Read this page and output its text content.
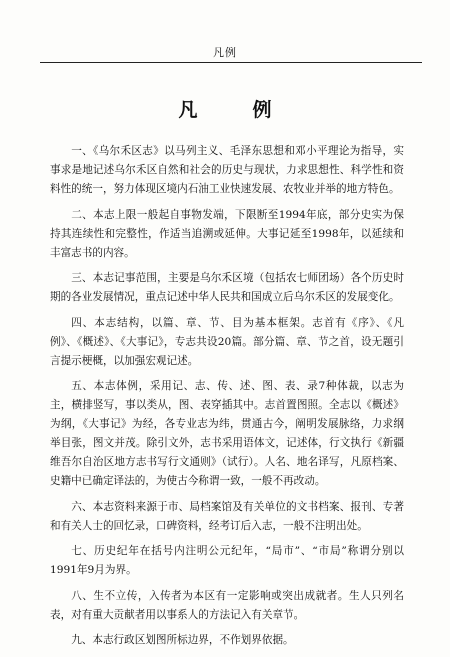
凡例
凡　例

一、《乌尔禾区志》以马列主义、毛泽东思想和邓小平理论为指导，实事求是地记述乌尔禾区自然和社会的历史与现状，力求思想性、科学性和资料性的统一，努力体现区境内石油工业快速发展、农牧业并举的地方特色。

二、本志上限一般起自事物发端，下限断至1994年底，部分史实为保持其连续性和完整性，作适当追溯或延伸。大事记延至1998年，以延续和丰富志书的内容。

三、本志记事范围，主要是乌尔禾区境（包括农七师团场）各个历史时期的各业发展情况，重点记述中华人民共和国成立后乌尔禾区的发展变化。

四、本志结构，以篇、章、节、目为基本框架。志首有《序》、《凡例》、《概述》、《大事记》，专志共设20篇。部分篇、章、节之首，设无题引言提示梗概，以加强宏观记述。

五、本志体例，采用记、志、传、述、图、表、录7种体裁，以志为主，横排竖写，事以类从，图、表穿插其中。志首置图照。全志以《概述》为纲，《大事记》为经，各专业志为纬，贯通古今，阐明发展脉络，力求纲举目张，图文并茂。除引文外，志书采用语体文，记述体，行文执行《新疆维吾尔自治区地方志书写行文通则》（试行）。人名、地名译写，凡原档案、史籍中已确定译法的，为使古今称谓一致，一般不再改动。

六、本志资料来源于市、局档案馆及有关单位的文书档案、报刊、专著和有关人士的回忆录，口碑资料，经考订后入志，一般不注明出处。

七、历史纪年在括号内注明公元纪年，“局市”、“市局”称谓分别以1991年9月为界。

八、生不立传，入传者为本区有一定影响或突出成就者。生人只列名表，对有重大贡献者用以事系人的方法记入有关章节。

九、本志行政区划图所标边界，不作划界依据。
